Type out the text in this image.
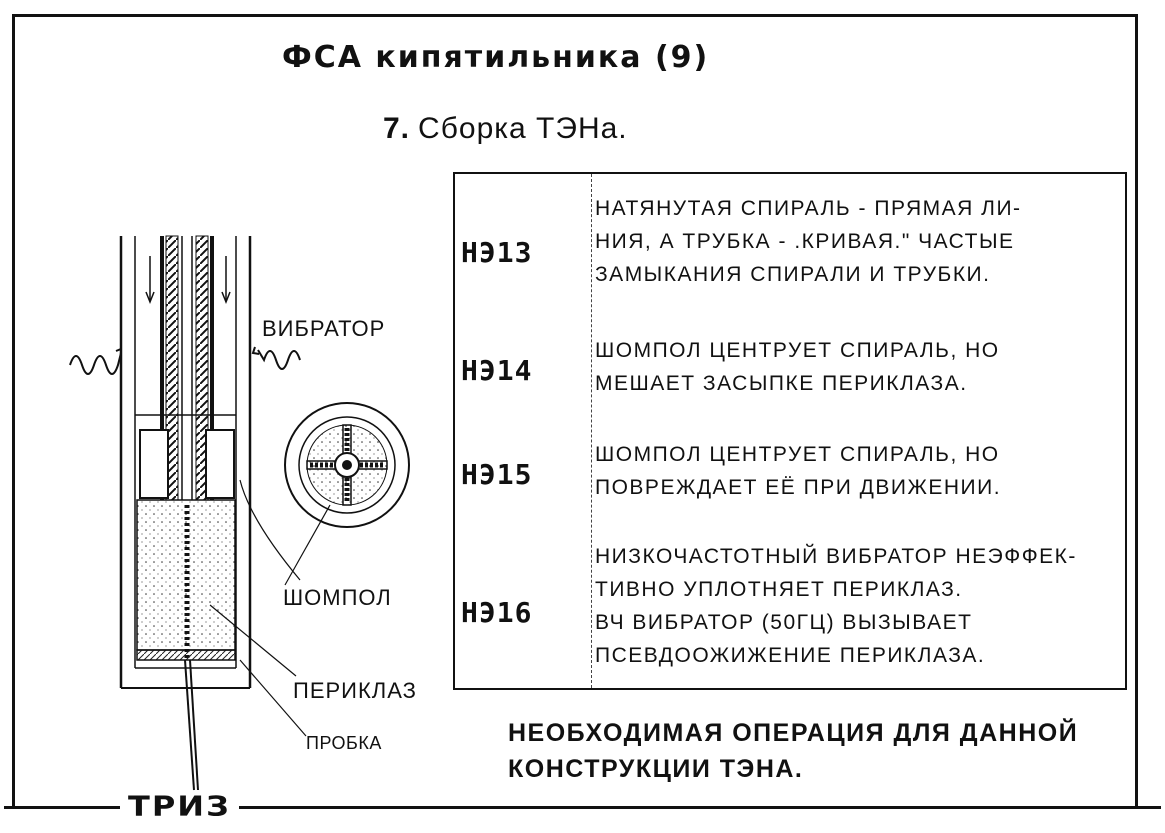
ТРИЗ
ФСА кипятильника (9)
7. Сборка ТЭНа.
ВИБРАТОР
ШОМПОЛ
ПЕРИКЛАЗ
ПРОБКА
НЭ13
НАТЯНУТАЯ СПИРАЛЬ - ПРЯМАЯ ЛИ-
НИЯ, А ТРУБКА - .КРИВАЯ." ЧАСТЫЕ
ЗАМЫКАНИЯ СПИРАЛИ И ТРУБКИ.
НЭ14
ШОМПОЛ ЦЕНТРУЕТ СПИРАЛЬ, НО
МЕШАЕТ ЗАСЫПКЕ ПЕРИКЛАЗА.
НЭ15
ШОМПОЛ ЦЕНТРУЕТ СПИРАЛЬ, НО
ПОВРЕЖДАЕТ ЕЁ ПРИ ДВИЖЕНИИ.
НЭ16
НИЗКОЧАСТОТНЫЙ ВИБРАТОР НЕЭФФЕК-
ТИВНО УПЛОТНЯЕТ ПЕРИКЛАЗ.
ВЧ ВИБРАТОР (50ГЦ) ВЫЗЫВАЕТ
ПСЕВДООЖИЖЕНИЕ ПЕРИКЛАЗА.
НЕОБХОДИМАЯ ОПЕРАЦИЯ ДЛЯ ДАННОЙ
КОНСТРУКЦИИ ТЭНА.
